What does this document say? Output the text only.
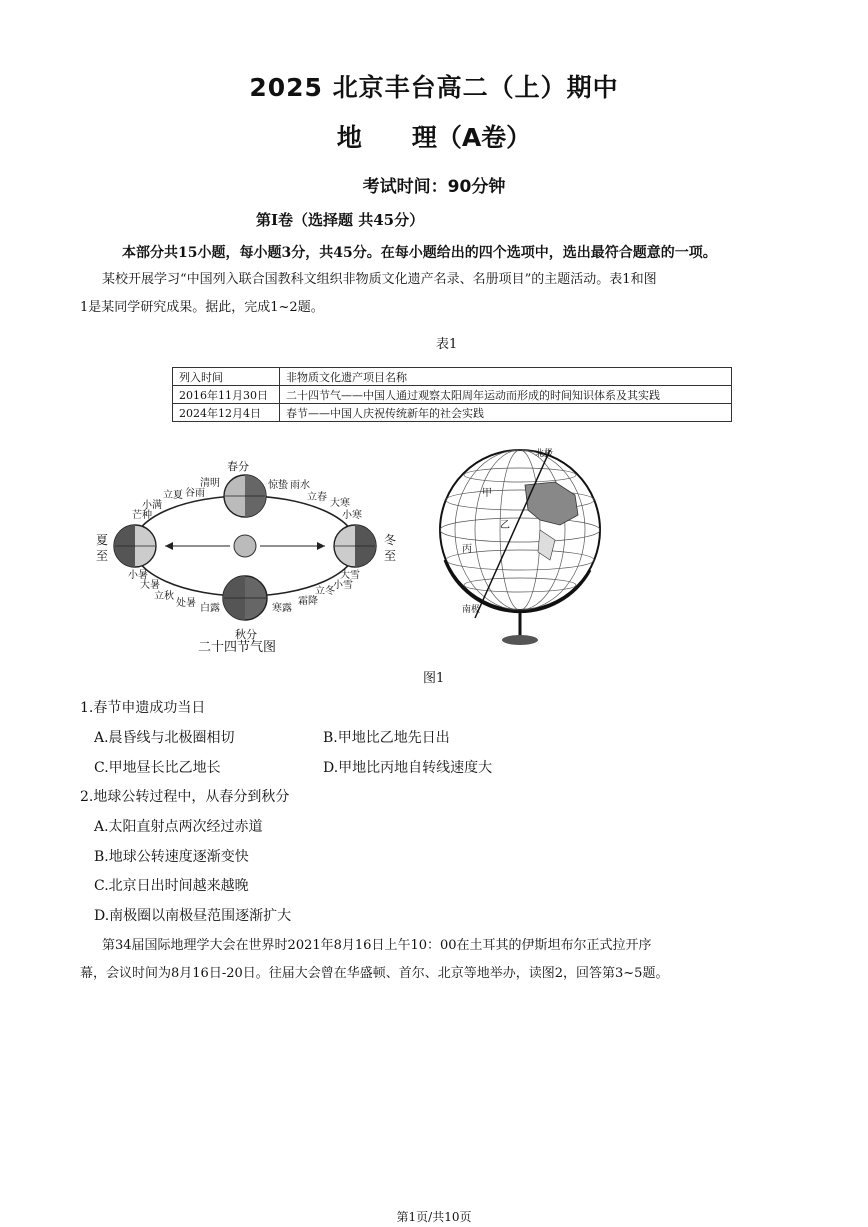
2025 北京丰台高二（上）期中
地 理（A卷）
考试时间：90分钟
第Ⅰ卷（选择题 共45分）
本部分共15小题，每小题3分，共45分。在每小题给出的四个选项中，选出最符合题意的一项。
某校开展学习“中国列入联合国教科文组织非物质文化遗产名录、名册项目”的主题活动。表1和图
1是某同学研究成果。据此，完成1~2题。
表1
列入时间	非物质文化遗产项目名称
2016年11月30日	二十四节气——中国人通过观察太阳周年运动而形成的时间知识体系及其实践
2024年12月4日	春节——中国人庆祝传统新年的社会实践
春分
秋分
夏
至
冬
至
清明
谷雨
立夏
小满
芒种
惊蛰 雨水
立春
大寒
小寒
小暑
大暑
立秋
处暑 白露	寒露
霜降
立冬
小雪
大雪
二十四节气图
北极
南极
甲
乙
丙
图1
1.春节申遗成功当日
A.晨昏线与北极圈相切	B.甲地比乙地先日出
C.甲地昼长比乙地长	D.甲地比丙地自转线速度大
2.地球公转过程中，从春分到秋分
A.太阳直射点两次经过赤道
B.地球公转速度逐渐变快
C.北京日出时间越来越晚
D.南极圈以南极昼范围逐渐扩大
第34届国际地理学大会在世界时2021年8月16日上午10：00在土耳其的伊斯坦布尔正式拉开序
幕，会议时间为8月16日-20日。往届大会曾在华盛顿、首尔、北京等地举办，读图2，回答第3~5题。
第1页/共10页
